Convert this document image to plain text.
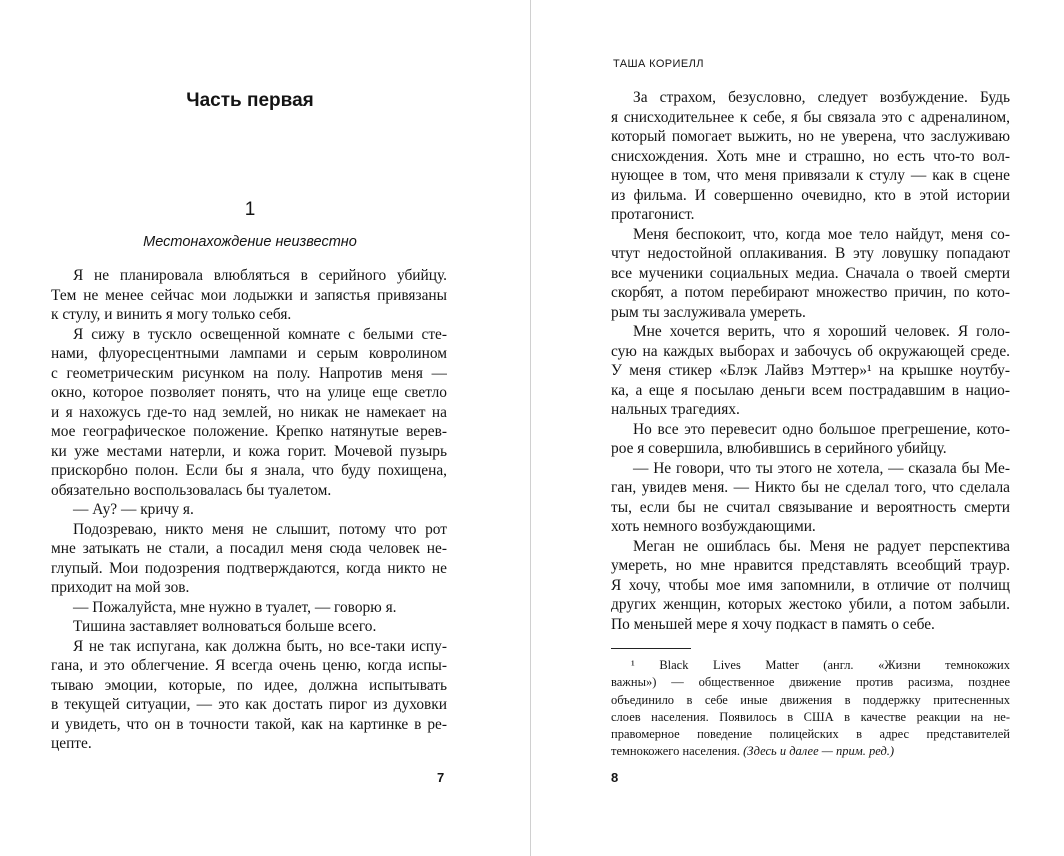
Часть первая
1
Местонахождение неизвестно
Я не планировала влюбляться в серийного убийцу.
Тем не менее сейчас мои лодыжки и запястья привязаны
к стулу, и винить я могу только себя.
Я сижу в тускло освещенной комнате с белыми сте-
нами, флуоресцентными лампами и серым ковролином
с геометрическим рисунком на полу. Напротив меня —
окно, которое позволяет понять, что на улице еще светло
и я нахожусь где-то над землей, но никак не намекает на
мое географическое положение. Крепко натянутые верев-
ки уже местами натерли, и кожа горит. Мочевой пузырь
прискорбно полон. Если бы я знала, что буду похищена,
обязательно воспользовалась бы туалетом.
— Ау? — кричу я.
Подозреваю, никто меня не слышит, потому что рот
мне затыкать не стали, а посадил меня сюда человек не-
глупый. Мои подозрения подтверждаются, когда никто не
приходит на мой зов.
— Пожалуйста, мне нужно в туалет, — говорю я.
Тишина заставляет волноваться больше всего.
Я не так испугана, как должна быть, но все-таки испу-
гана, и это облегчение. Я всегда очень ценю, когда испы-
тываю эмоции, которые, по идее, должна испытывать
в текущей ситуации, — это как достать пирог из духовки
и увидеть, что он в точности такой, как на картинке в ре-
цепте.
7
ТАША КОРИЕЛЛ
За страхом, безусловно, следует возбуждение. Будь
я снисходительнее к себе, я бы связала это с адреналином,
который помогает выжить, но не уверена, что заслуживаю
снисхождения. Хоть мне и страшно, но есть что-то вол-
нующее в том, что меня привязали к стулу — как в сцене
из фильма. И совершенно очевидно, кто в этой истории
протагонист.
Меня беспокоит, что, когда мое тело найдут, меня со-
чтут недостойной оплакивания. В эту ловушку попадают
все мученики социальных медиа. Сначала о твоей смерти
скорбят, а потом перебирают множество причин, по кото-
рым ты заслуживала умереть.
Мне хочется верить, что я хороший человек. Я голо-
сую на каждых выборах и забочусь об окружающей среде.
У меня стикер «Блэк Лайвз Мэттер»¹ на крышке ноутбу-
ка, а еще я посылаю деньги всем пострадавшим в нацио-
нальных трагедиях.
Но все это перевесит одно большое прегрешение, кото-
рое я совершила, влюбившись в серийного убийцу.
— Не говори, что ты этого не хотела, — сказала бы Ме-
ган, увидев меня. — Никто бы не сделал того, что сделала
ты, если бы не считал связывание и вероятность смерти
хоть немного возбуждающими.
Меган не ошиблась бы. Меня не радует перспектива
умереть, но мне нравится представлять всеобщий траур.
Я хочу, чтобы мое имя запомнили, в отличие от полчищ
других женщин, которых жестоко убили, а потом забыли.
По меньшей мере я хочу подкаст в память о себе.
¹ Black Lives Matter (англ. «Жизни темнокожих
важны») — общественное движение против расизма, позднее
объединило в себе иные движения в поддержку притесненных
слоев населения. Появилось в США в качестве реакции на не-
правомерное поведение полицейских в адрес представителей
темнокожего населения. (Здесь и далее — прим. ред.)
8
